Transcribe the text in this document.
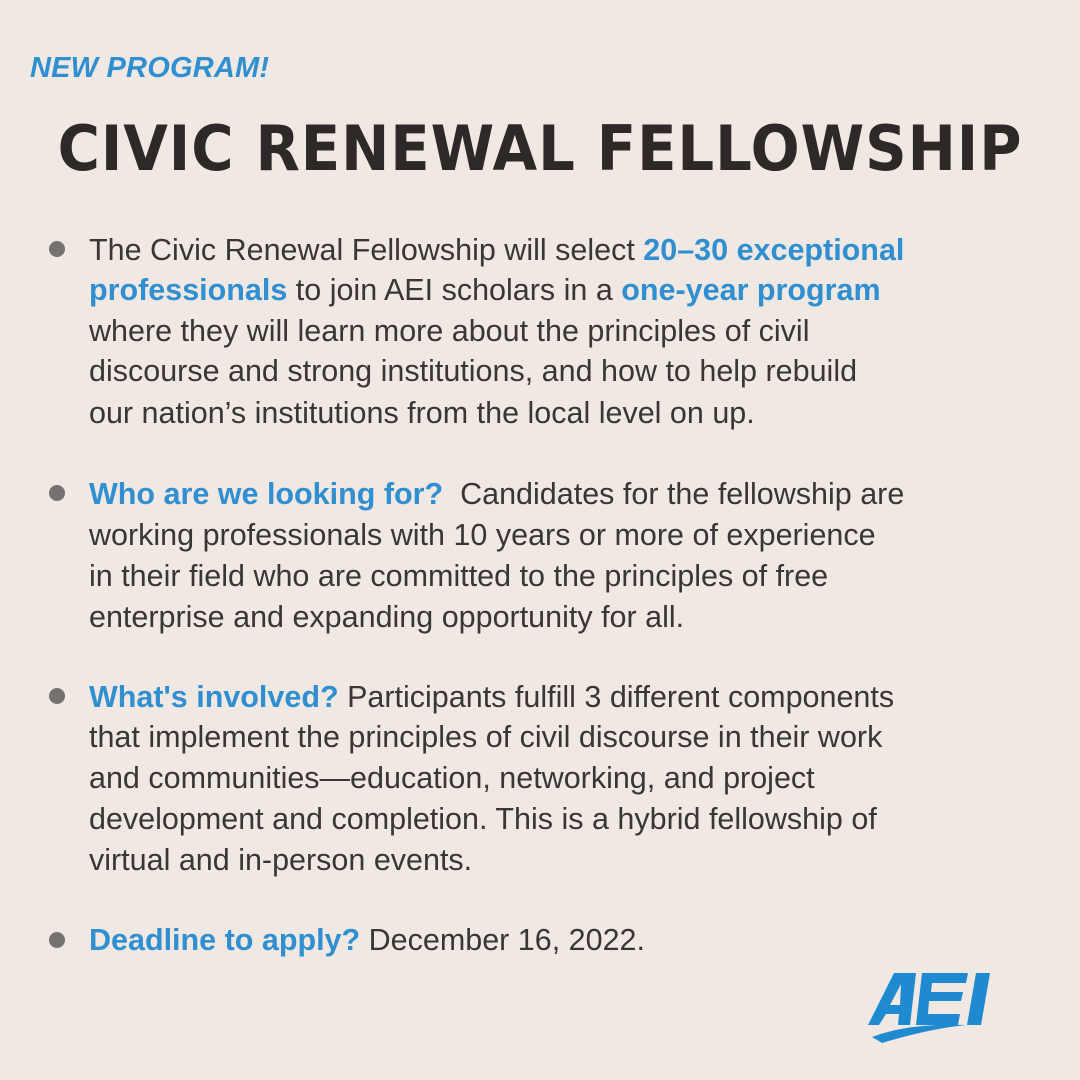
NEW PROGRAM!
CIVIC RENEWAL FELLOWSHIP
The Civic Renewal Fellowship will select 20–30 exceptional
professionals to join AEI scholars in a one-year program
where they will learn more about the principles of civil
discourse and strong institutions, and how to help rebuild
our nation’s institutions from the local level on up.
Who are we looking for?  Candidates for the fellowship are
working professionals with 10 years or more of experience
in their field who are committed to the principles of free
enterprise and expanding opportunity for all.
What's involved? Participants fulfill 3 different components
that implement the principles of civil discourse in their work
and communities—education, networking, and project
development and completion. This is a hybrid fellowship of
virtual and in-person events.
Deadline to apply? December 16, 2022.
